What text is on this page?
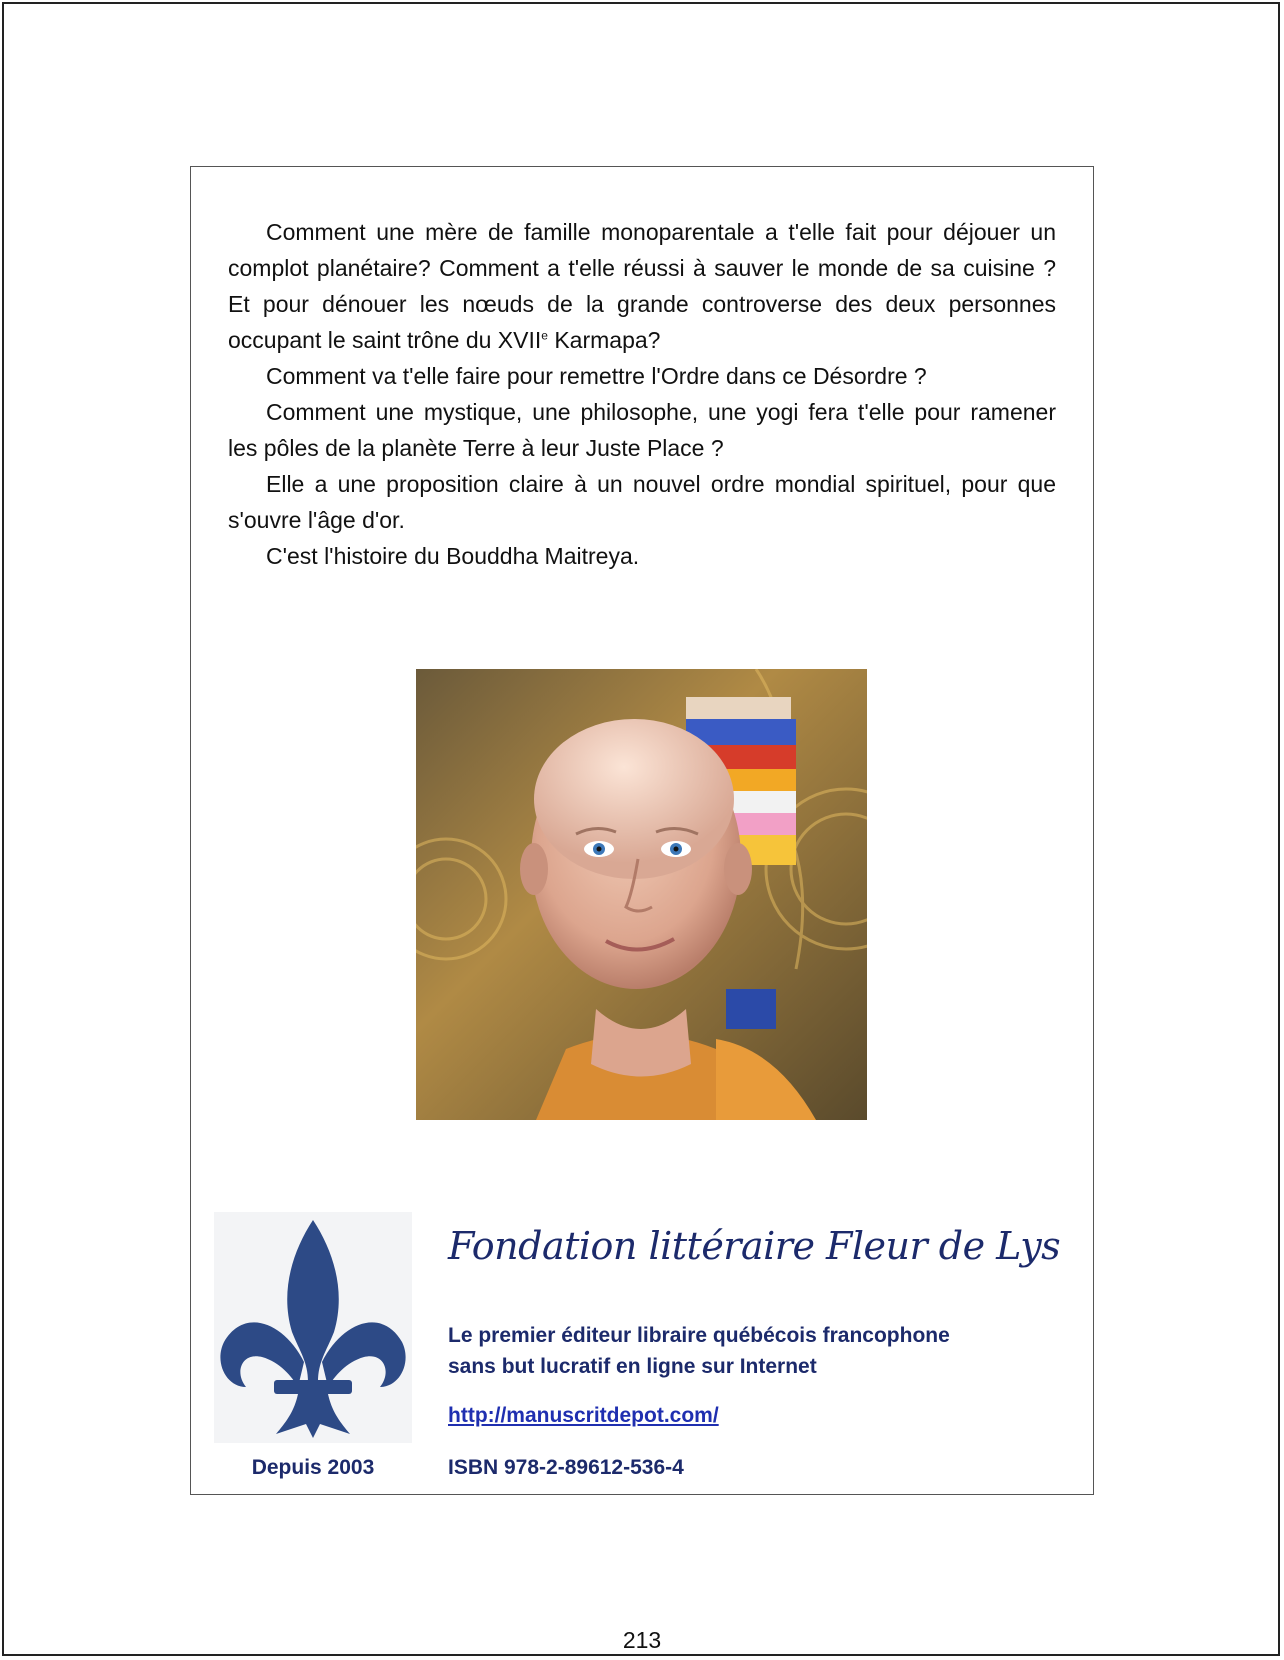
Comment une mère de famille monoparentale a t'elle fait pour déjouer un complot planétaire? Comment a t'elle réussi à sauver le monde de sa cuisine ? Et pour dénouer les nœuds de la grande controverse des deux personnes occupant le saint trône du XVIIe Karmapa?

Comment va t'elle faire pour remettre l'Ordre dans ce Désordre ?

Comment une mystique, une philosophe, une yogi fera t'elle pour ramener les pôles de la planète Terre à leur Juste Place ?

Elle a une proposition claire à un nouvel ordre mondial spirituel, pour que s'ouvre l'âge d'or.

C'est l'histoire du Bouddha Maitreya.

Depuis 2003
Fondation littéraire Fleur de Lys
Le premier éditeur libraire québécois francophone
sans but lucratif en ligne sur Internet
http://manuscritdepot.com/
ISBN 978-2-89612-536-4
213
